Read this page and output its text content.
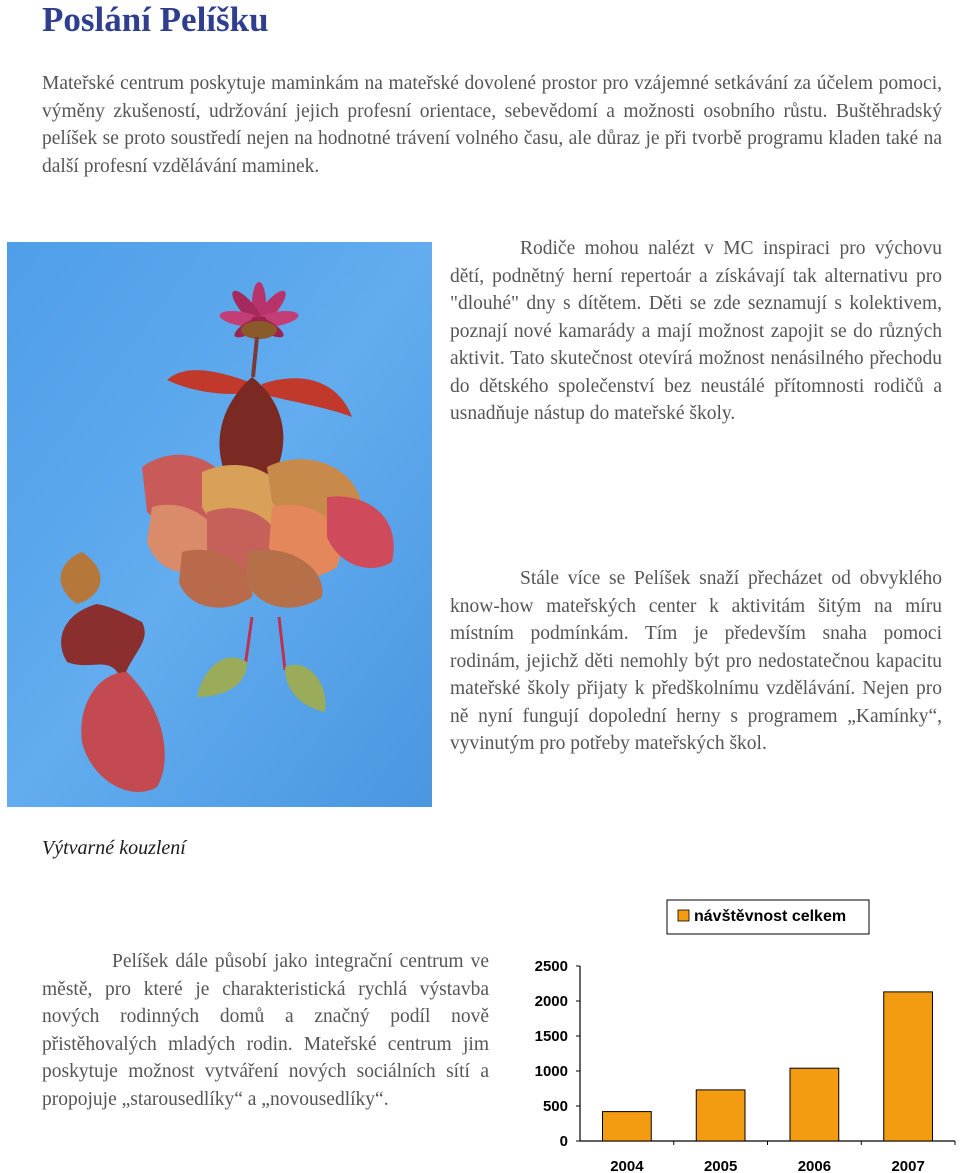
Poslání Pelíšku

Mateřské centrum poskytuje maminkám na mateřské dovolené prostor pro vzájemné setkávání za účelem pomoci, výměny zkušeností, udržování jejich profesní orientace, sebevědomí a možnosti osobního růstu. Buštěhradský pelíšek se proto soustředí nejen na hodnotné trávení volného času, ale důraz je při tvorbě programu kladen také na další profesní vzdělávání maminek.

Rodiče mohou nalézt v MC inspiraci pro výchovu dětí, podnětný herní repertoár a získávají tak alternativu pro "dlouhé" dny s dítětem. Děti se zde seznamují s kolektivem, poznají nové kamarády a mají možnost zapojit se do různých aktivit. Tato skutečnost otevírá možnost nenásilného přechodu do dětského společenství bez neustálé přítomnosti rodičů a usnadňuje nástup do mateřské školy.

Stále více se Pelíšek snaží přecházet od obvyklého know-how mateřských center k aktivitám šitým na míru místním podmínkám. Tím je především snaha pomoci rodinám, jejichž děti nemohly být pro nedostatečnou kapacitu mateřské školy přijaty k předškolnímu vzdělávání. Nejen pro ně nyní fungují dopolední herny s programem „Kamínky“, vyvinutým pro potřeby mateřských škol.

Výtvarné kouzlení

Pelíšek dále působí jako integrační centrum ve městě, pro které je charakteristická rychlá výstavba nových rodinných domů a značný podíl nově přistěhovalých mladých rodin. Mateřské centrum jim poskytuje možnost vytváření nových sociálních sítí a propojuje „starousedlíky“ a „novousedlíky“.

návštěvnost celkem
0
500
1000
1500
2000
2500
2004	2005	2006	2007
